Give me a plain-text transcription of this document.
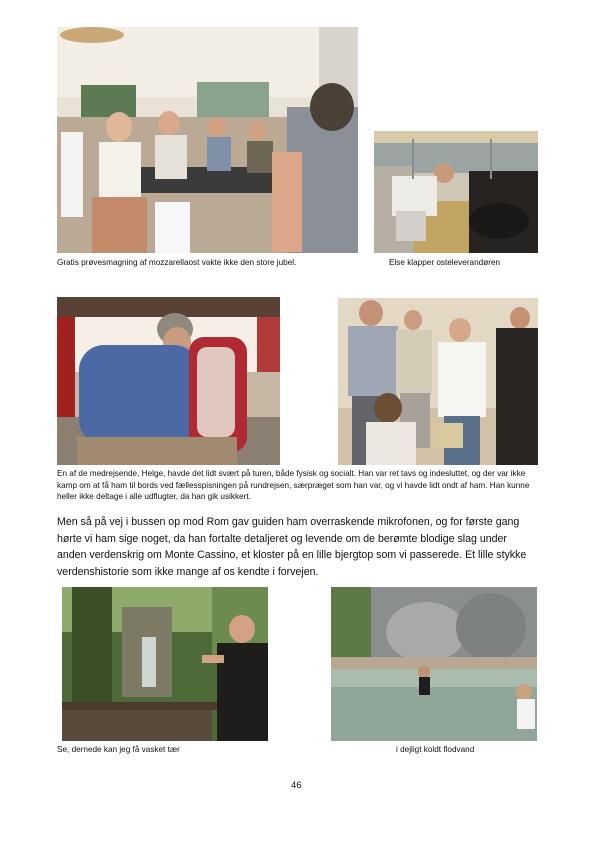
Gratis prøvesmagning af mozzarellaost vakte ikke den store jubel.	Else klapper osteleverandøren
En af de medrejsende, Helge, havde det lidt svært på turen, både fysisk og socialt. Han var ret tavs og indesluttet, og der var ikke kamp om at få ham til bords ved fællesspisningen på rundrejsen, særpræget som han var, og vi havde lidt ondt af ham. Han kunne heller ikke deltage i alle udflugter, da han gik usikkert.
Men så på vej i bussen op mod Rom gav guiden ham overraskende mikrofonen, og for første gang hørte vi ham sige noget, da han fortalte detaljeret og levende om de berømte blodige slag under anden verdenskrig om Monte Cassino, et kloster på en lille bjergtop som vi passerede. Et lille stykke verdenshistorie som ikke mange af os kendte i forvejen.
Se, dernede kan jeg få vasket tær	i dejligt koldt flodvand
46
